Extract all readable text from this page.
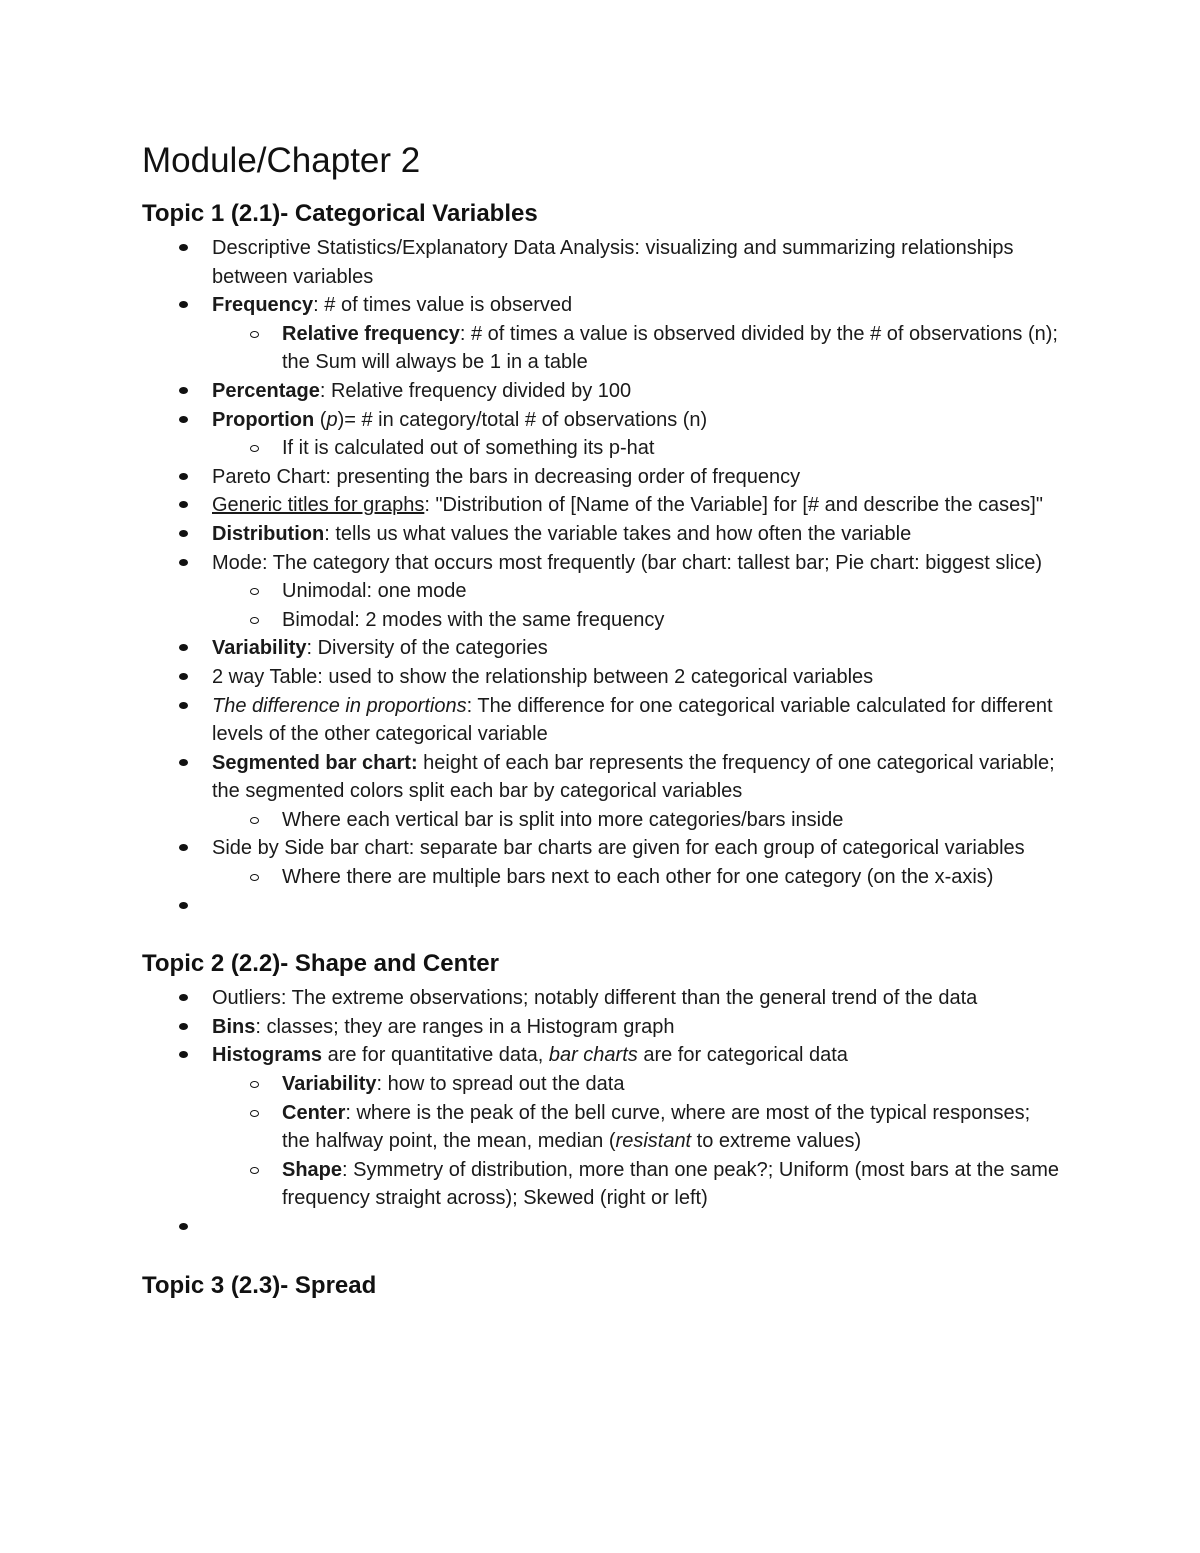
Module/Chapter 2
Topic 1 (2.1)- Categorical Variables
Descriptive Statistics/Explanatory Data Analysis: visualizing and summarizing relationships between variables
Frequency: # of times value is observed
Relative frequency: # of times a value is observed divided by the # of observations (n); the Sum will always be 1 in a table
Percentage: Relative frequency divided by 100
Proportion (p)= # in category/total # of observations (n)
If it is calculated out of something its p-hat
Pareto Chart: presenting the bars in decreasing order of frequency
Generic titles for graphs: "Distribution of [Name of the Variable] for [# and describe the cases]"
Distribution: tells us what values the variable takes and how often the variable
Mode: The category that occurs most frequently (bar chart: tallest bar; Pie chart: biggest slice)
Unimodal: one mode
Bimodal: 2 modes with the same frequency
Variability: Diversity of the categories
2 way Table: used to show the relationship between 2 categorical variables
The difference in proportions: The difference for one categorical variable calculated for different levels of the other categorical variable
Segmented bar chart: height of each bar represents the frequency of one categorical variable; the segmented colors split each bar by categorical variables
Where each vertical bar is split into more categories/bars inside
Side by Side bar chart: separate bar charts are given for each group of categorical variables
Where there are multiple bars next to each other for one category (on the x-axis)
Topic 2 (2.2)- Shape and Center
Outliers: The extreme observations; notably different than the general trend of the data
Bins: classes; they are ranges in a Histogram graph
Histograms are for quantitative data, bar charts are for categorical data
Variability: how to spread out the data
Center: where is the peak of the bell curve, where are most of the typical responses; the halfway point, the mean, median (resistant to extreme values)
Shape: Symmetry of distribution, more than one peak?; Uniform (most bars at the same frequency straight across); Skewed (right or left)
Topic 3 (2.3)- Spread
